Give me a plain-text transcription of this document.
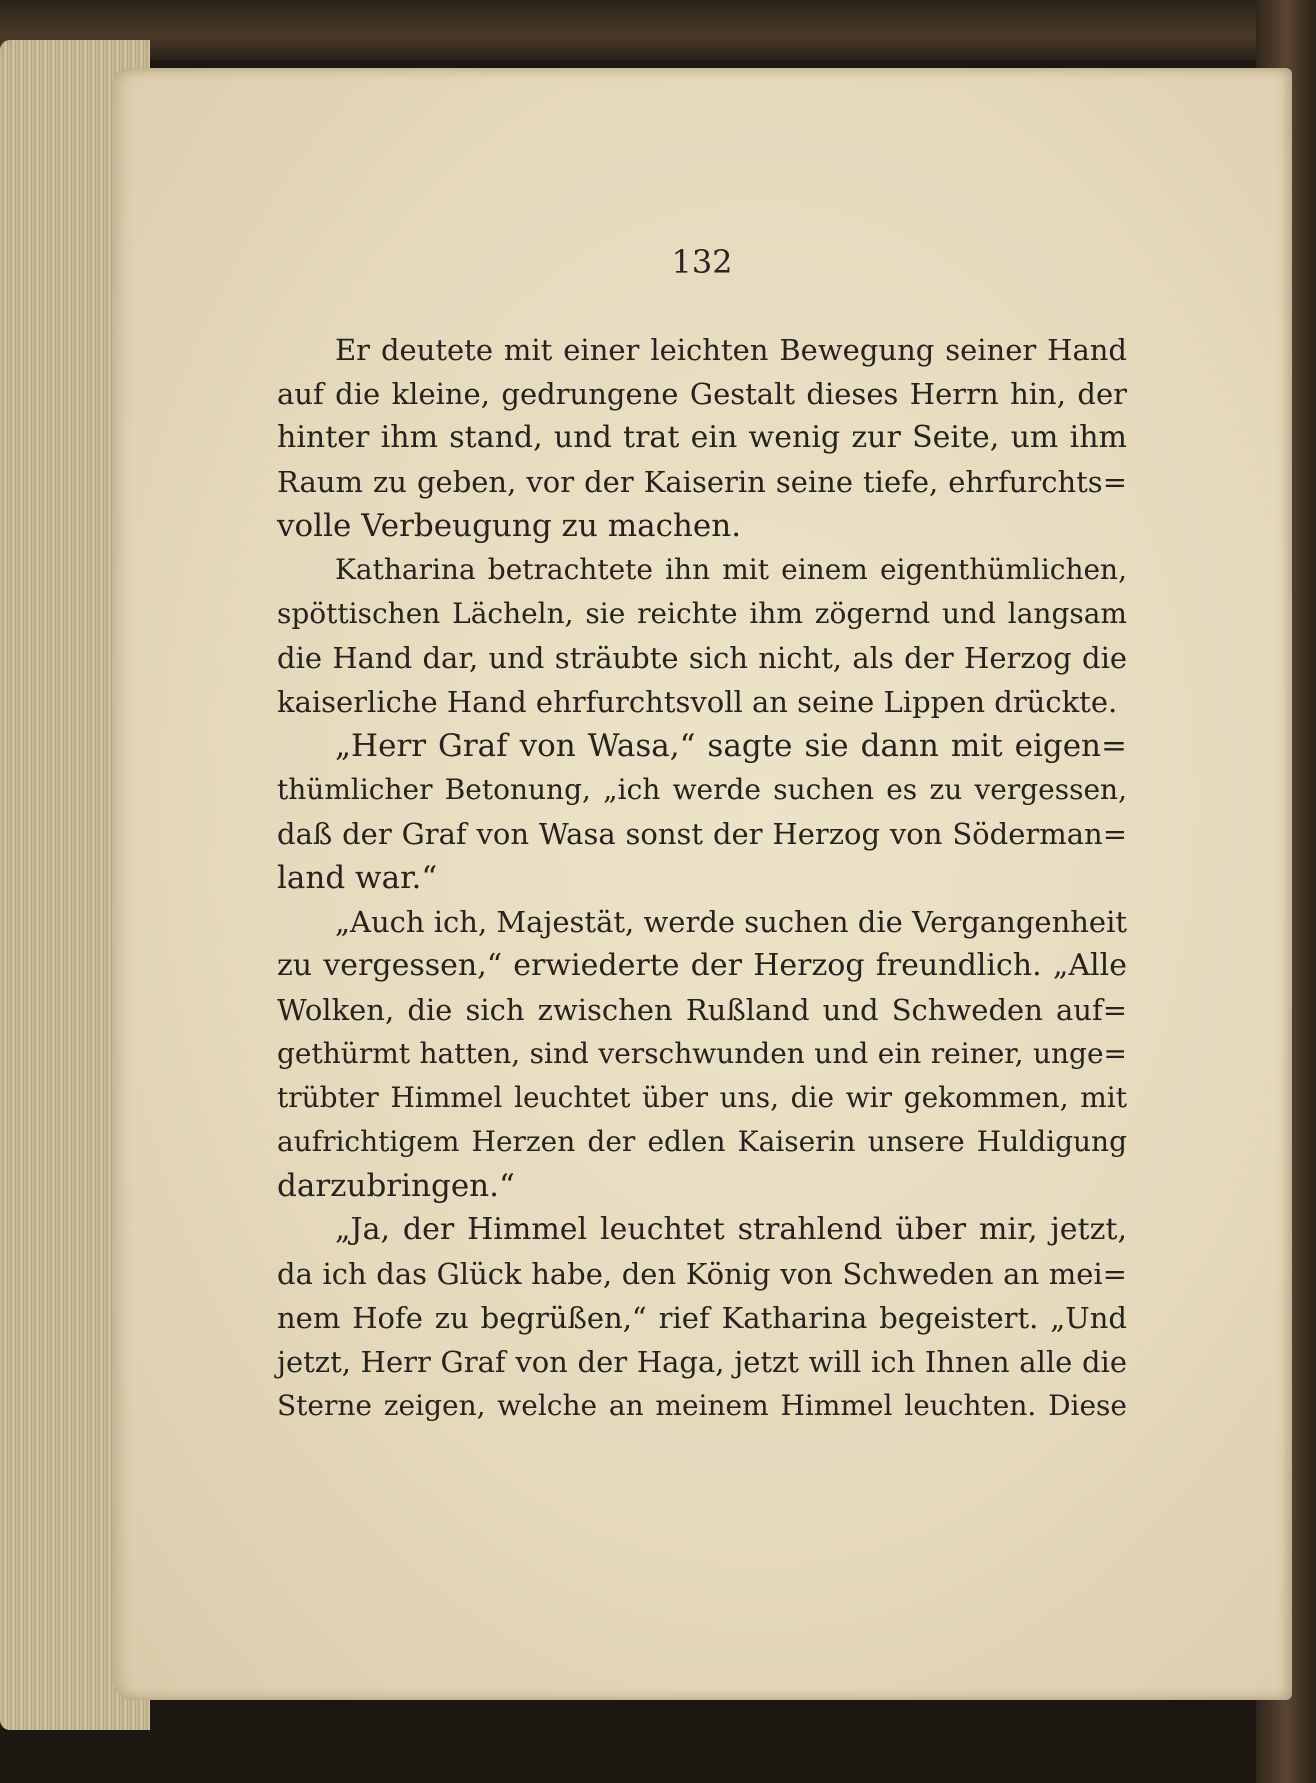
132

Er deutete mit einer leichten Bewegung seiner Hand
auf die kleine, gedrungene Gestalt dieses Herrn hin, der
hinter ihm stand, und trat ein wenig zur Seite, um ihm
Raum zu geben, vor der Kaiserin seine tiefe, ehrfurchts=
volle Verbeugung zu machen.
Katharina betrachtete ihn mit einem eigenthümlichen,
spöttischen Lächeln, sie reichte ihm zögernd und langsam
die Hand dar, und sträubte sich nicht, als der Herzog die
kaiserliche Hand ehrfurchtsvoll an seine Lippen drückte.
„Herr Graf von Wasa,“ sagte sie dann mit eigen=
thümlicher Betonung, „ich werde suchen es zu vergessen,
daß der Graf von Wasa sonst der Herzog von Söderman=
land war.“
„Auch ich, Majestät, werde suchen die Vergangenheit
zu vergessen,“ erwiederte der Herzog freundlich. „Alle
Wolken, die sich zwischen Rußland und Schweden auf=
gethürmt hatten, sind verschwunden und ein reiner, unge=
trübter Himmel leuchtet über uns, die wir gekommen, mit
aufrichtigem Herzen der edlen Kaiserin unsere Huldigung
darzubringen.“
„Ja, der Himmel leuchtet strahlend über mir, jetzt,
da ich das Glück habe, den König von Schweden an mei=
nem Hofe zu begrüßen,“ rief Katharina begeistert. „Und
jetzt, Herr Graf von der Haga, jetzt will ich Ihnen alle die
Sterne zeigen, welche an meinem Himmel leuchten. Diese
